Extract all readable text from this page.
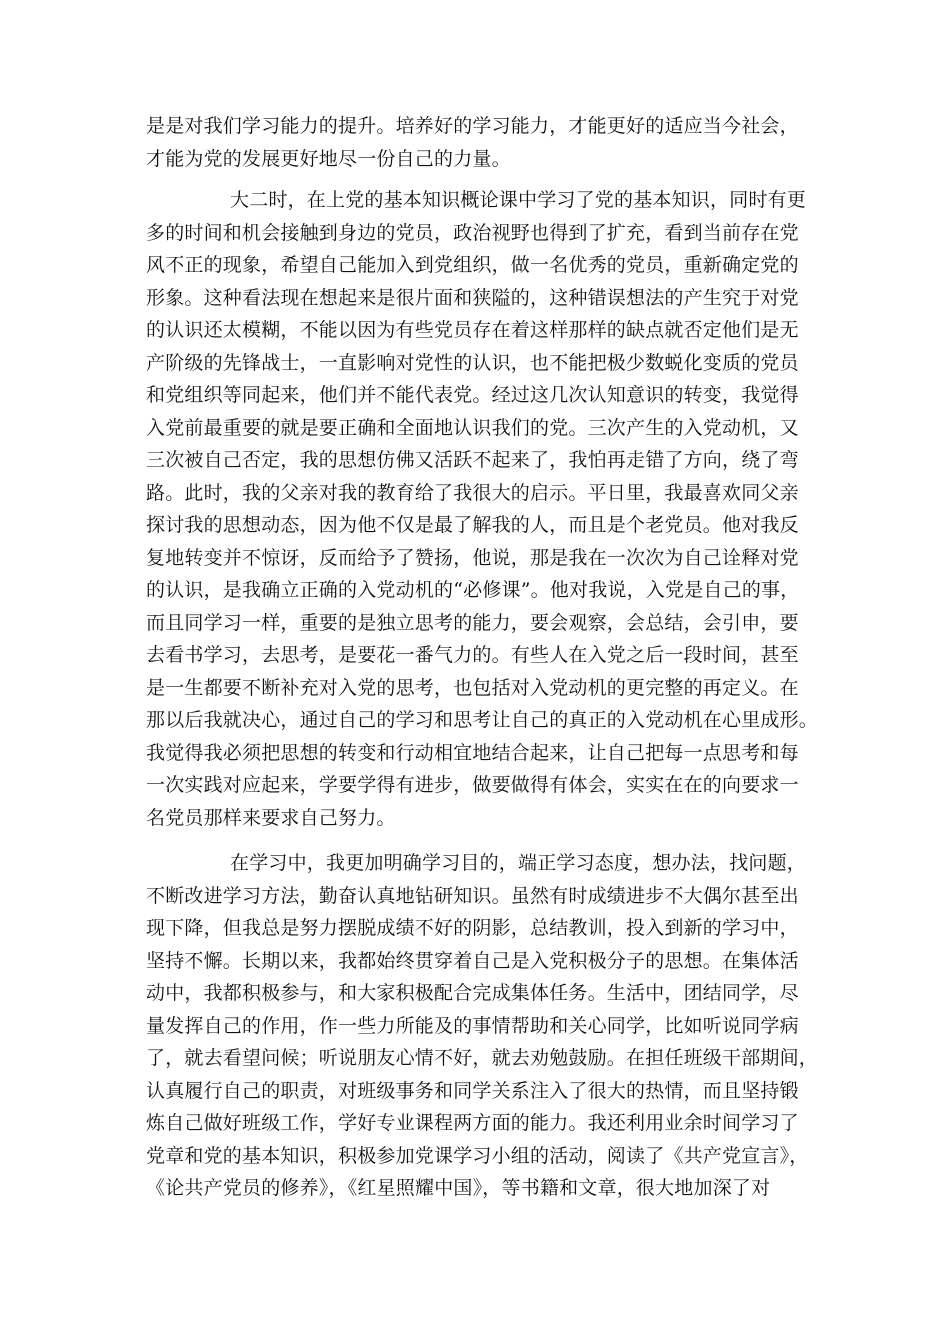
是是对我们学习能力的提升。培养好的学习能力，才能更好的适应当今社会，
才能为党的发展更好地尽一份自己的力量。
大二时，在上党的基本知识概论课中学习了党的基本知识，同时有更
多的时间和机会接触到身边的党员，政治视野也得到了扩充，看到当前存在党
风不正的现象，希望自己能加入到党组织，做一名优秀的党员，重新确定党的
形象。这种看法现在想起来是很片面和狭隘的，这种错误想法的产生究于对党
的认识还太模糊，不能以因为有些党员存在着这样那样的缺点就否定他们是无
产阶级的先锋战士，一直影响对党性的认识，也不能把极少数蜕化变质的党员
和党组织等同起来，他们并不能代表党。经过这几次认知意识的转变，我觉得
入党前最重要的就是要正确和全面地认识我们的党。三次产生的入党动机，又
三次被自己否定，我的思想仿佛又活跃不起来了，我怕再走错了方向，绕了弯
路。此时，我的父亲对我的教育给了我很大的启示。平日里，我最喜欢同父亲
探讨我的思想动态，因为他不仅是最了解我的人，而且是个老党员。他对我反
复地转变并不惊讶，反而给予了赞扬，他说，那是我在一次次为自己诠释对党
的认识，是我确立正确的入党动机的“必修课”。他对我说，入党是自己的事，
而且同学习一样，重要的是独立思考的能力，要会观察，会总结，会引申，要
去看书学习，去思考，是要花一番气力的。有些人在入党之后一段时间，甚至
是一生都要不断补充对入党的思考，也包括对入党动机的更完整的再定义。在
那以后我就决心，通过自己的学习和思考让自己的真正的入党动机在心里成形。
我觉得我必须把思想的转变和行动相宜地结合起来，让自己把每一点思考和每
一次实践对应起来，学要学得有进步，做要做得有体会，实实在在的向要求一
名党员那样来要求自己努力。
在学习中，我更加明确学习目的，端正学习态度，想办法，找问题，
不断改进学习方法，勤奋认真地钻研知识。虽然有时成绩进步不大偶尔甚至出
现下降，但我总是努力摆脱成绩不好的阴影，总结教训，投入到新的学习中，
坚持不懈。长期以来，我都始终贯穿着自己是入党积极分子的思想。在集体活
动中，我都积极参与，和大家积极配合完成集体任务。生活中，团结同学，尽
量发挥自己的作用，作一些力所能及的事情帮助和关心同学，比如听说同学病
了，就去看望问候；听说朋友心情不好，就去劝勉鼓励。在担任班级干部期间，
认真履行自己的职责，对班级事务和同学关系注入了很大的热情，而且坚持锻
炼自己做好班级工作，学好专业课程两方面的能力。我还利用业余时间学习了
党章和党的基本知识，积极参加党课学习小组的活动，阅读了《共产党宣言》，
《论共产党员的修养》，《红星照耀中国》，等书籍和文章，很大地加深了对
